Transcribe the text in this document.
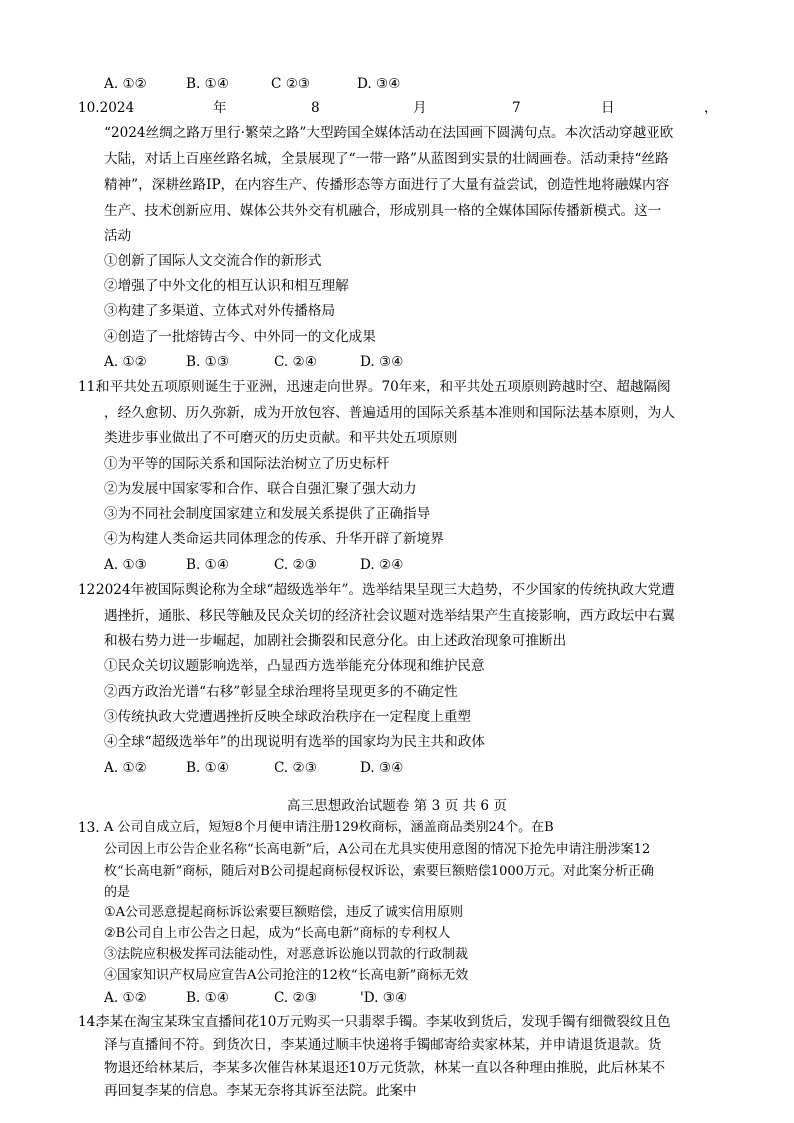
A. ①②	B. ①④	C ②③	D. ③④
10.2024	年	8	月	7	日	，
“2024丝绸之路万里行·繁荣之路”大型跨国全媒体活动在法国画下圆满句点。本次活动穿越亚欧
大陆，对话上百座丝路名城，全景展现了“一带一路”从蓝图到实景的壮阔画卷。活动秉持“丝路
精神”，深耕丝路IP，在内容生产、传播形态等方面进行了大量有益尝试，创造性地将融媒内容
生产、技术创新应用、媒体公共外交有机融合，形成别具一格的全媒体国际传播新模式。这一
活动
①创新了国际人文交流合作的新形式
②增强了中外文化的相互认识和相互理解
③构建了多渠道、立体式对外传播格局
④创造了一批熔铸古今、中外同一的文化成果
A. ①②	B. ①③	C. ②④	D. ③④
11.
和平共处五项原则诞生于亚洲，迅速走向世界。70年来，和平共处五项原则跨越时空、超越隔阂
，经久愈韧、历久弥新，成为开放包容、普遍适用的国际关系基本准则和国际法基本原则，为人
类进步事业做出了不可磨灭的历史贡献。和平共处五项原则
①为平等的国际关系和国际法治树立了历史标杆
②为发展中国家零和合作、联合自强汇聚了强大动力
③为不同社会制度国家建立和发展关系提供了正确指导
④为构建人类命运共同体理念的传承、升华开辟了新境界
A. ①③	B. ①④	C. ②③	D. ②④
12.
2024年被国际舆论称为全球“超级选举年”。选举结果呈现三大趋势，不少国家的传统执政大党遭
遇挫折，通胀、移民等触及民众关切的经济社会议题对选举结果产生直接影响，西方政坛中右翼
和极右势力进一步崛起，加剧社会撕裂和民意分化。由上述政治现象可推断出
①民众关切议题影响选举，凸显西方选举能充分体现和维护民意
②西方政治光谱“右移”彰显全球治理将呈现更多的不确定性
③传统执政大党遭遇挫折反映全球政治秩序在一定程度上重塑
④全球“超级选举年”的出现说明有选举的国家均为民主共和政体
A. ①②	B. ①④	C. ②③	D. ③④
高三思想政治试题卷 第 3 页 共 6 页
13. A 公司自成立后，短短8个月便申请注册129枚商标，涵盖商品类别24个。在B
公司因上市公告企业名称“长高电新”后，A公司在尤具实使用意图的情况下抢先申请注册涉案12
枚“长高电新”商标，随后对B公司提起商标侵权诉讼，索要巨额赔偿1000万元。对此案分析正确
的是
①A公司恶意提起商标诉讼索要巨额赔偿，违反了诚实信用原则
②B公司自上市公告之日起，成为“长高电新”商标的专利权人
③法院应积极发挥司法能动性，对恶意诉讼施以罚款的行政制裁
④国家知识产权局应宣告A公司抢注的12枚“长高电新”商标无效
A. ①②	B. ①④	C. ②③	'D. ③④
14.
李某在淘宝某珠宝直播间花10万元购买一只翡翠手镯。李某收到货后，发现手镯有细微裂纹且色
泽与直播间不符。到货次日，李某通过顺丰快递将手镯邮寄给卖家林某，并申请退货退款。货
物退还给林某后，李某多次催告林某退还10万元货款，林某一直以各种理由推脱，此后林某不
再回复李某的信息。李某无奈将其诉至法院。此案中
